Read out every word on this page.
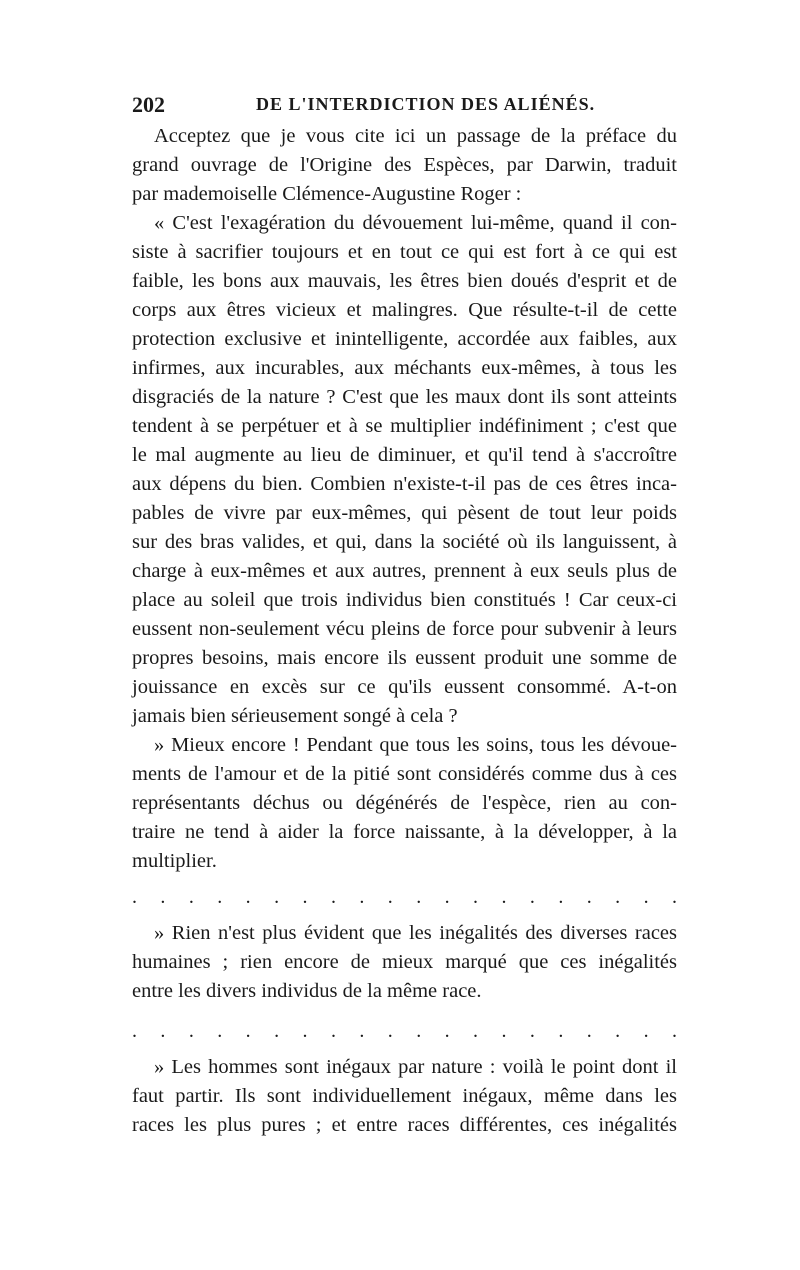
202	DE L'INTERDICTION DES ALIÉNÉS.
Acceptez que je vous cite ici un passage de la préface du
grand ouvrage de l'Origine des Espèces, par Darwin, traduit
par mademoiselle Clémence-Augustine Roger :
« C'est l'exagération du dévouement lui-même, quand il con-
siste à sacrifier toujours et en tout ce qui est fort à ce qui est
faible, les bons aux mauvais, les êtres bien doués d'esprit et de
corps aux êtres vicieux et malingres. Que résulte-t-il de cette
protection exclusive et inintelligente, accordée aux faibles, aux
infirmes, aux incurables, aux méchants eux-mêmes, à tous les
disgraciés de la nature ? C'est que les maux dont ils sont atteints
tendent à se perpétuer et à se multiplier indéfiniment ; c'est que
le mal augmente au lieu de diminuer, et qu'il tend à s'accroître
aux dépens du bien. Combien n'existe-t-il pas de ces êtres inca-
pables de vivre par eux-mêmes, qui pèsent de tout leur poids
sur des bras valides, et qui, dans la société où ils languissent, à
charge à eux-mêmes et aux autres, prennent à eux seuls plus de
place au soleil que trois individus bien constitués ! Car ceux-ci
eussent non-seulement vécu pleins de force pour subvenir à leurs
propres besoins, mais encore ils eussent produit une somme de
jouissance en excès sur ce qu'ils eussent consommé. A-t-on
jamais bien sérieusement songé à cela ?
» Mieux encore ! Pendant que tous les soins, tous les dévoue-
ments de l'amour et de la pitié sont considérés comme dus à ces
représentants déchus ou dégénérés de l'espèce, rien au con-
traire ne tend à aider la force naissante, à la développer, à la
multiplier.
. . . . . . . . . . . . . . . . . . . .
» Rien n'est plus évident que les inégalités des diverses races
humaines ; rien encore de mieux marqué que ces inégalités
entre les divers individus de la même race.
. . . . . . . . . . . . . . . . . . . .
» Les hommes sont inégaux par nature : voilà le point dont il
faut partir. Ils sont individuellement inégaux, même dans les
races les plus pures ; et entre races différentes, ces inégalités
